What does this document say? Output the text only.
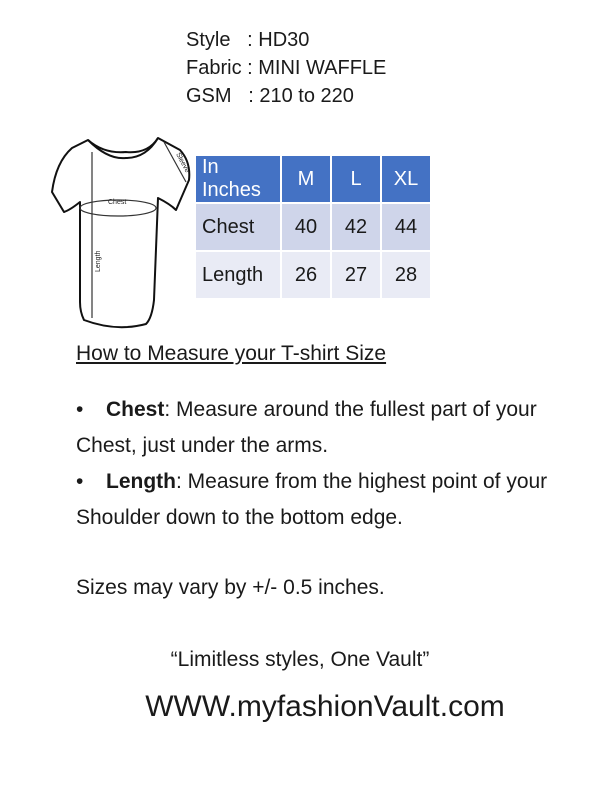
Style   : HD30
Fabric : MINI WAFFLE
GSM   : 210 to 220
Chest
Length
Sleeve In Inches	M	L	XL
Chest	40	42	44
Length	26	27	28
How to Measure your T-shirt Size
• Chest: Measure around the fullest part of your
Chest, just under the arms.
• Length: Measure from the highest point of your
Shoulder down to the bottom edge.
Sizes may vary by +/- 0.5 inches.
“Limitless styles, One Vault”
WWW.myfashionVault.com
